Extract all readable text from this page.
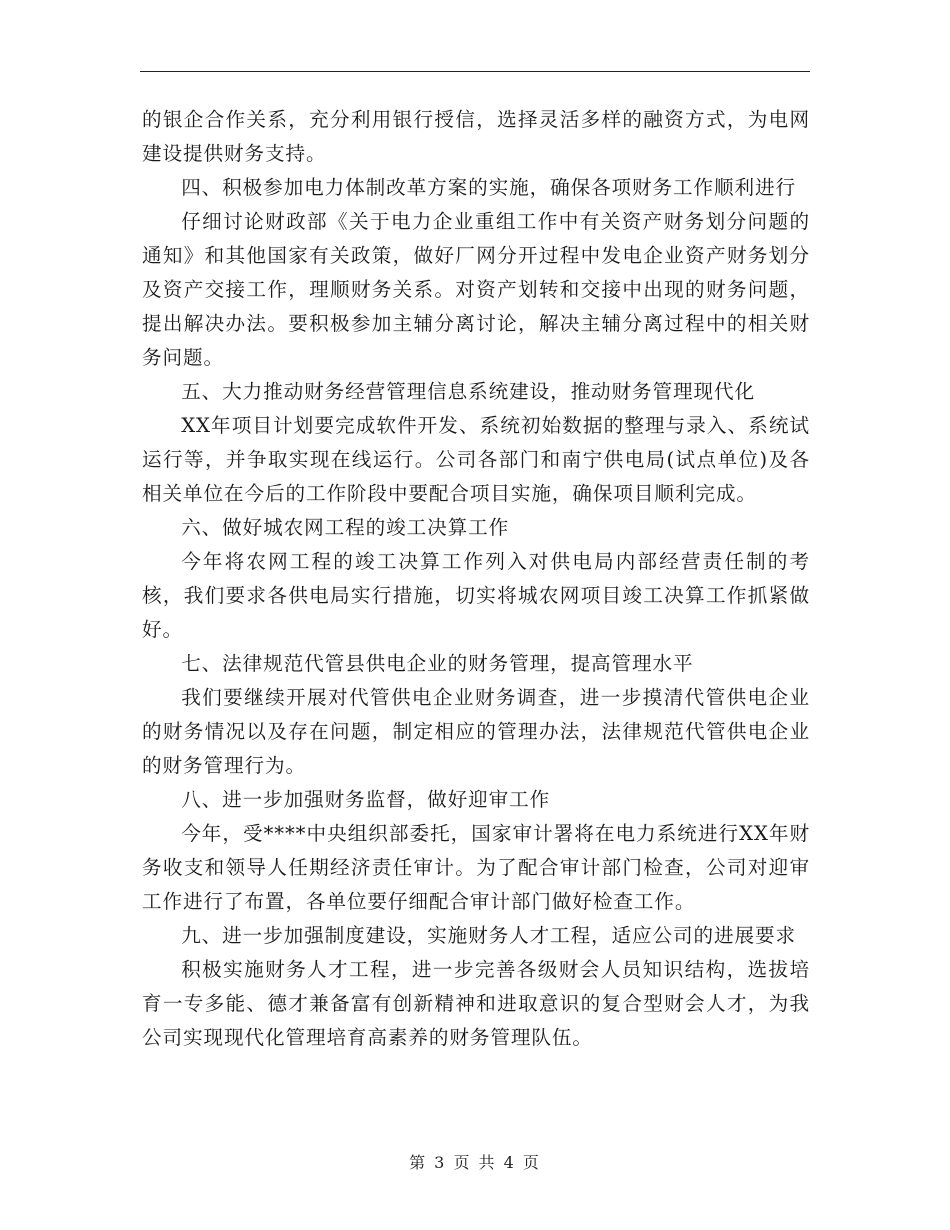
的银企合作关系，充分利用银行授信，选择灵活多样的融资方式，为电网建设提供财务支持。

四、积极参加电力体制改革方案的实施，确保各项财务工作顺利进行

仔细讨论财政部《关于电力企业重组工作中有关资产财务划分问题的通知》和其他国家有关政策，做好厂网分开过程中发电企业资产财务划分及资产交接工作，理顺财务关系。对资产划转和交接中出现的财务问题，提出解决办法。要积极参加主辅分离讨论，解决主辅分离过程中的相关财务问题。

五、大力推动财务经营管理信息系统建设，推动财务管理现代化

XX年项目计划要完成软件开发、系统初始数据的整理与录入、系统试运行等，并争取实现在线运行。公司各部门和南宁供电局(试点单位)及各相关单位在今后的工作阶段中要配合项目实施，确保项目顺利完成。

六、做好城农网工程的竣工决算工作

今年将农网工程的竣工决算工作列入对供电局内部经营责任制的考核，我们要求各供电局实行措施，切实将城农网项目竣工决算工作抓紧做好。

七、法律规范代管县供电企业的财务管理，提高管理水平

我们要继续开展对代管供电企业财务调查，进一步摸清代管供电企业的财务情况以及存在问题，制定相应的管理办法，法律规范代管供电企业的财务管理行为。

八、进一步加强财务监督，做好迎审工作

今年，受****中央组织部委托，国家审计署将在电力系统进行XX年财务收支和领导人任期经济责任审计。为了配合审计部门检查，公司对迎审工作进行了布置，各单位要仔细配合审计部门做好检查工作。

九、进一步加强制度建设，实施财务人才工程，适应公司的进展要求

积极实施财务人才工程，进一步完善各级财会人员知识结构，选拔培育一专多能、德才兼备富有创新精神和进取意识的复合型财会人才，为我公司实现现代化管理培育高素养的财务管理队伍。

第 3 页 共 4 页
